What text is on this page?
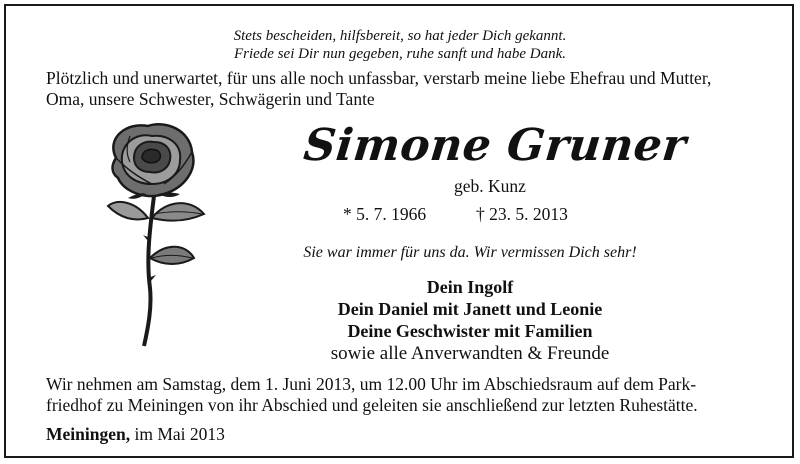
Stets bescheiden, hilfsbereit, so hat jeder Dich gekannt.
Friede sei Dir nun gegeben, ruhe sanft und habe Dank.
Plötzlich und unerwartet, für uns alle noch unfassbar, verstarb meine liebe Ehefrau und Mutter,
Oma, unsere Schwester, Schwägerin und Tante
Simone Gruner
geb. Kunz
* 5. 7. 1966	† 23. 5. 2013
Sie war immer für uns da. Wir vermissen Dich sehr!
Dein Ingolf
Dein Daniel mit Janett und Leonie
Deine Geschwister mit Familien
sowie alle Anverwandten & Freunde
Wir nehmen am Samstag, dem 1. Juni 2013, um 12.00 Uhr im Abschiedsraum auf dem Park-
friedhof zu Meiningen von ihr Abschied und geleiten sie anschließend zur letzten Ruhestätte.
Meiningen, im Mai 2013
